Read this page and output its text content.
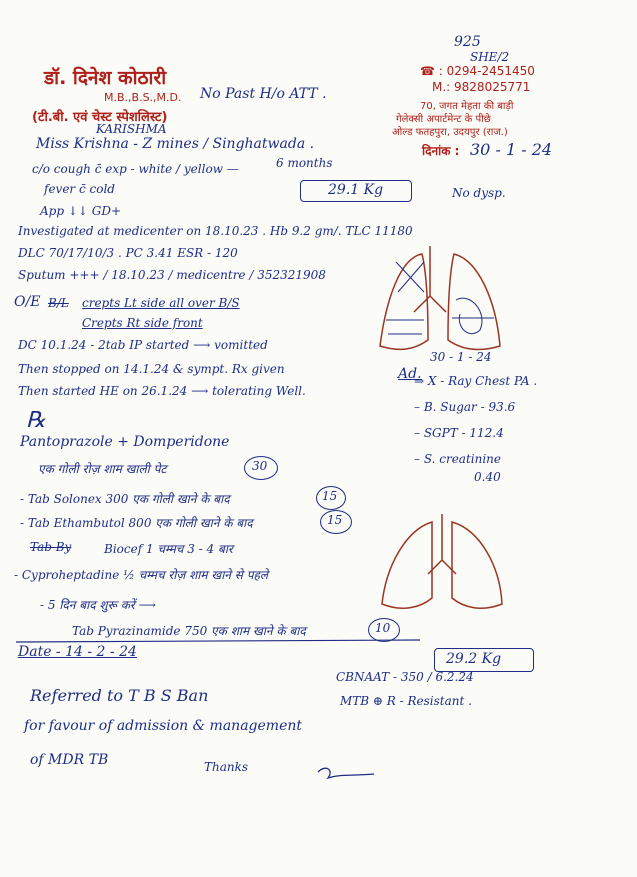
डॉ. दिनेश कोठारी
M.B.,B.S.,M.D.
(टी.बी. एवं चेस्ट स्पेशलिस्ट)
925
SHE/2
☎ : 0294-2451450
M.: 9828025771
70, जगत मेहता की बाड़ी
गेलेक्सी अपार्टमेन्ट के पीछे
ओल्ड फतहपुरा, उदयपुर (राज.)
दिनांक : 30 - 1 - 24
No Past H/o ATT .
KARISHMA
Miss Krishna - Z mines / Singhatwada .
c/o cough c̄ exp - white / yellow —	6 months
fever c̄ cold
App ↓↓ GD+
29.1 Kg	No dysp.
Investigated at medicenter on 18.10.23 . Hb 9.2 gm/. TLC 11180
DLC 70/17/10/3 . PC 3.41 ESR - 120
Sputum +++ / 18.10.23 / medicentre / 352321908
O/E B/L crepts Lt side all over B/S
Crepts Rt side front
DC 10.1.24 - 2tab IP started ⟶ vomitted
Then stopped on 14.1.24 & sympt. Rx given
Then started HE on 26.1.24 ⟶ tolerating Well.
30 - 1 - 24
Ad.
⇒ X - Ray Chest PA .
– B. Sugar - 93.6
– SGPT - 112.4
– S. creatinine
0.40
℞
Pantoprazole + Domperidone
एक गोली रोज़ शाम खाली पेट	30
- Tab Solonex 300 एक गोली खाने के बाद	15
- Tab Ethambutol 800 एक गोली खाने के बाद	15
Tab By	Biocef 1 चम्मच 3 - 4 बार
- Cyproheptadine ½ चम्मच रोज़ शाम खाने से पहले
- 5 दिन बाद शुरू करें ⟶
Tab Pyrazinamide 750 एक शाम खाने के बाद	10
Date - 14 - 2 - 24	29.2 Kg
CBNAAT - 350 / 6.2.24
MTB ⊕ R - Resistant .
Referred to T B S Ban
for favour of admission & management
of MDR TB	Thanks
